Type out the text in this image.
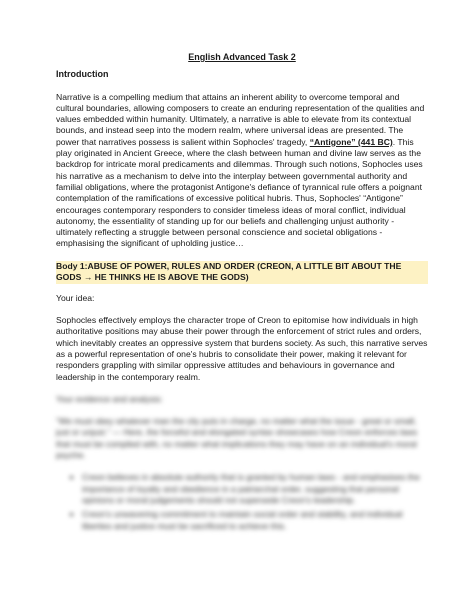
English Advanced Task 2
Introduction

Narrative is a compelling medium that attains an inherent ability to overcome temporal and cultural boundaries, allowing composers to create an enduring representation of the qualities and values embedded within humanity. Ultimately, a narrative is able to elevate from its contextual bounds, and instead seep into the modern realm, where universal ideas are presented. The power that narratives possess is salient within Sophocles' tragedy, “Antigone” (441 BC). This play originated in Ancient Greece, where the clash between human and divine law serves as the backdrop for intricate moral predicaments and dilemmas. Through such notions, Sophocles uses his narrative as a mechanism to delve into the interplay between governmental authority and familial obligations, where the protagonist Antigone's defiance of tyrannical rule offers a poignant contemplation of the ramifications of excessive political hubris. Thus, Sophocles' “Antigone” encourages contemporary responders to consider timeless ideas of moral conflict, individual autonomy, the essentiality of standing up for our beliefs and challenging unjust authority - ultimately reflecting a struggle between personal conscience and societal obligations - emphasising the significant of upholding justice…

Body 1:ABUSE OF POWER, RULES AND ORDER (CREON, A LITTLE BIT ABOUT THE GODS → HE THINKS HE IS ABOVE THE GODS)
Your idea:

Sophocles effectively employs the character trope of Creon to epitomise how individuals in high authoritative positions may abuse their power through the enforcement of strict rules and orders, which inevitably creates an oppressive system that burdens society. As such, this narrative serves as a powerful representation of one's hubris to consolidate their power, making it relevant for responders grappling with similar oppressive attitudes and behaviours in governance and leadership in the contemporary realm.

Your evidence and analysis:

“We must obey whatever man the city puts in charge, no matter what the issue - great or small, just or unjust.” — Here, the forceful and elongated syntax showcases how Creon enforces laws that must be complied with, no matter what implications they may have on an individual's moral psyche.

• Creon believes in absolute authority that is granted by human laws - and emphasises the importance of loyalty and obedience in a patriarchal order, suggesting that personal opinions or moral judgements should not supersede Creon's leadership.
• Creon's unwavering commitment to maintain social order and stability, and individual liberties and justice must be sacrificed to achieve this.
